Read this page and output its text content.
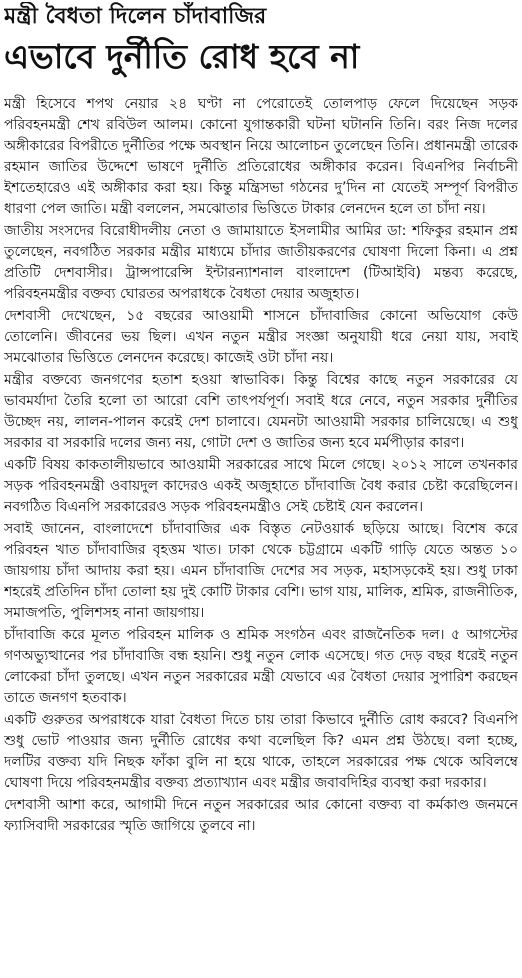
মন্ত্রী বৈধতা দিলেন চাঁদাবাজির
এভাবে দুর্নীতি রোধ হবে না

মন্ত্রী হিসেবে শপথ নেয়ার ২৪ ঘণ্টা না পেরোতেই তোলপাড় ফেলে দিয়েছেন সড়ক পরিবহনমন্ত্রী শেখ রবিউল আলম। কোনো যুগান্তকারী ঘটনা ঘটাননি তিনি। বরং নিজ দলের অঙ্গীকারের বিপরীতে দুর্নীতির পক্ষে অবস্থান নিয়ে আলোচন তুলেছেন তিনি। প্রধানমন্ত্রী তারেক রহমান জাতির উদ্দেশে ভাষণে দুর্নীতি প্রতিরোধের অঙ্গীকার করেন। বিএনপির নির্বাচনী ইশতেহারেও এই অঙ্গীকার করা হয়। কিন্তু মন্ত্রিসভা গঠনের দু’দিন না যেতেই সম্পূর্ণ বিপরীত ধারণা পেল জাতি। মন্ত্রী বললেন, সমঝোতার ভিত্তিতে টাকার লেনদেন হলে তা চাঁদা নয়।

জাতীয় সংসদের বিরোধীদলীয় নেতা ও জামায়াতে ইসলামীর আমির ডা: শফিকুর রহমান প্রশ্ন তুলেছেন, নবগঠিত সরকার মন্ত্রীর মাধ্যমে চাঁদার জাতীয়করণের ঘোষণা দিলো কিনা। এ প্রশ্ন প্রতিটি দেশবাসীর। ট্রান্সপারেন্সি ইন্টারন্যাশনাল বাংলাদেশ (টিআইবি) মন্তব্য করেছে, পরিবহনমন্ত্রীর বক্তব্য ঘোরতর অপরাধকে বৈধতা দেয়ার অজুহাত।

দেশবাসী দেখেছেন, ১৫ বছরের আওয়ামী শাসনে চাঁদাবাজির কোনো অভিযোগ কেউ তোলেনি। জীবনের ভয় ছিল। এখন নতুন মন্ত্রীর সংজ্ঞা অনুযায়ী ধরে নেয়া যায়, সবাই সমঝোতার ভিত্তিতে লেনদেন করেছে। কাজেই ওটা চাঁদা নয়।

মন্ত্রীর বক্তব্যে জনগণের হতাশ হওয়া স্বাভাবিক। কিন্তু বিশ্বের কাছে নতুন সরকারের যে ভাবমর্যাদা তৈরি হলো তা আরো বেশি তাৎপর্যপূর্ণ। সবাই ধরে নেবে, নতুন সরকার দুর্নীতির উচ্ছেদ নয়, লালন-পালন করেই দেশ চালাবে। যেমনটা আওয়ামী সরকার চালিয়েছে। এ শুধু সরকার বা সরকারি দলের জন্য নয়, গোটা দেশ ও জাতির জন্য হবে মর্মপীড়ার কারণ।

একটি বিষয় কাকতালীয়ভাবে আওয়ামী সরকারের সাথে মিলে গেছে। ২০১২ সালে তখনকার সড়ক পরিবহনমন্ত্রী ওবায়দুল কাদেরও একই অজুহাতে চাঁদাবাজি বৈধ করার চেষ্টা করেছিলেন। নবগঠিত বিএনপি সরকারেরও সড়ক পরিবহনমন্ত্রীও সেই চেষ্টাই যেন করলেন।

সবাই জানেন, বাংলাদেশে চাঁদাবাজির এক বিস্তৃত নেটওয়ার্ক ছড়িয়ে আছে। বিশেষ করে পরিবহন খাত চাঁদাবাজির বৃহত্তম খাত। ঢাকা থেকে চট্টগ্রামে একটি গাড়ি যেতে অন্তত ১০ জায়গায় চাঁদা আদায় করা হয়। এমন চাঁদাবাজি দেশের সব সড়ক, মহাসড়কেই হয়। শুধু ঢাকা শহরেই প্রতিদিন চাঁদা তোলা হয় দুই কোটি টাকার বেশি। ভাগ যায়, মালিক, শ্রমিক, রাজনীতিক, সমাজপতি, পুলিশসহ নানা জায়গায়।

চাঁদাবাজি করে মূলত পরিবহন মালিক ও শ্রমিক সংগঠন এবং রাজনৈতিক দল। ৫ আগস্টের গণঅভ্যুত্থানের পর চাঁদাবাজি বন্ধ হয়নি। শুধু নতুন লোক এসেছে। গত দেড় বছর ধরেই নতুন লোকেরা চাঁদা তুলছে। এখন নতুন সরকারের মন্ত্রী যেভাবে এর বৈধতা দেয়ার সুপারিশ করছেন তাতে জনগণ হতবাক।

একটি গুরুতর অপরাধকে যারা বৈধতা দিতে চায় তারা কিভাবে দুর্নীতি রোধ করবে? বিএনপি শুধু ভোট পাওয়ার জন্য দুর্নীতি রোধের কথা বলেছিল কি? এমন প্রশ্ন উঠছে। বলা হচ্ছে, দলটির বক্তব্য যদি নিছক ফাঁকা বুলি না হয়ে থাকে, তাহলে সরকারের পক্ষ থেকে অবিলম্বে ঘোষণা দিয়ে পরিবহনমন্ত্রীর বক্তব্য প্রত্যাখ্যান এবং মন্ত্রীর জবাবদিহির ব্যবস্থা করা দরকার।

দেশবাসী আশা করে, আগামী দিনে নতুন সরকারের আর কোনো বক্তব্য বা কর্মকাণ্ড জনমনে ফ্যাসিবাদী সরকারের স্মৃতি জাগিয়ে তুলবে না।
